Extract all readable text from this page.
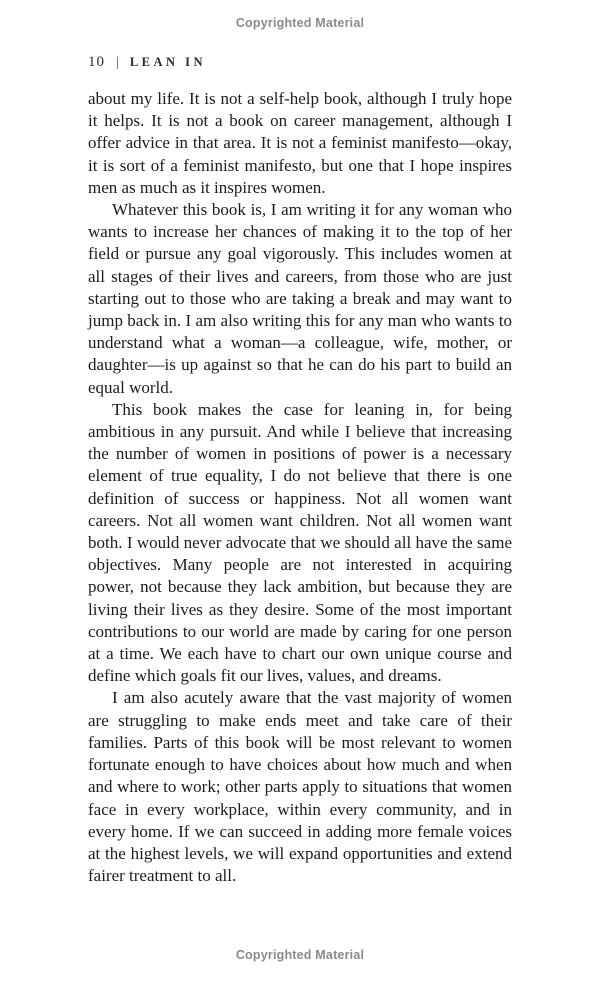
Copyrighted Material
10 | LEAN IN

about my life. It is not a self-help book, although I truly hope it helps. It is not a book on career management, although I offer advice in that area. It is not a feminist manifesto—okay, it is sort of a feminist manifesto, but one that I hope inspires men as much as it inspires women.

Whatever this book is, I am writing it for any woman who wants to increase her chances of making it to the top of her field or pursue any goal vigorously. This includes women at all stages of their lives and careers, from those who are just starting out to those who are taking a break and may want to jump back in. I am also writing this for any man who wants to understand what a woman—a colleague, wife, mother, or daughter—is up against so that he can do his part to build an equal world.

This book makes the case for leaning in, for being ambitious in any pursuit. And while I believe that increasing the number of women in positions of power is a necessary element of true equality, I do not believe that there is one definition of success or happiness. Not all women want careers. Not all women want children. Not all women want both. I would never advocate that we should all have the same objectives. Many people are not interested in acquiring power, not because they lack ambition, but because they are living their lives as they desire. Some of the most important contributions to our world are made by caring for one person at a time. We each have to chart our own unique course and define which goals fit our lives, values, and dreams.

I am also acutely aware that the vast majority of women are struggling to make ends meet and take care of their families. Parts of this book will be most relevant to women fortunate enough to have choices about how much and when and where to work; other parts apply to situations that women face in every workplace, within every community, and in every home. If we can succeed in adding more female voices at the highest levels, we will expand opportunities and extend fairer treatment to all.

Copyrighted Material
